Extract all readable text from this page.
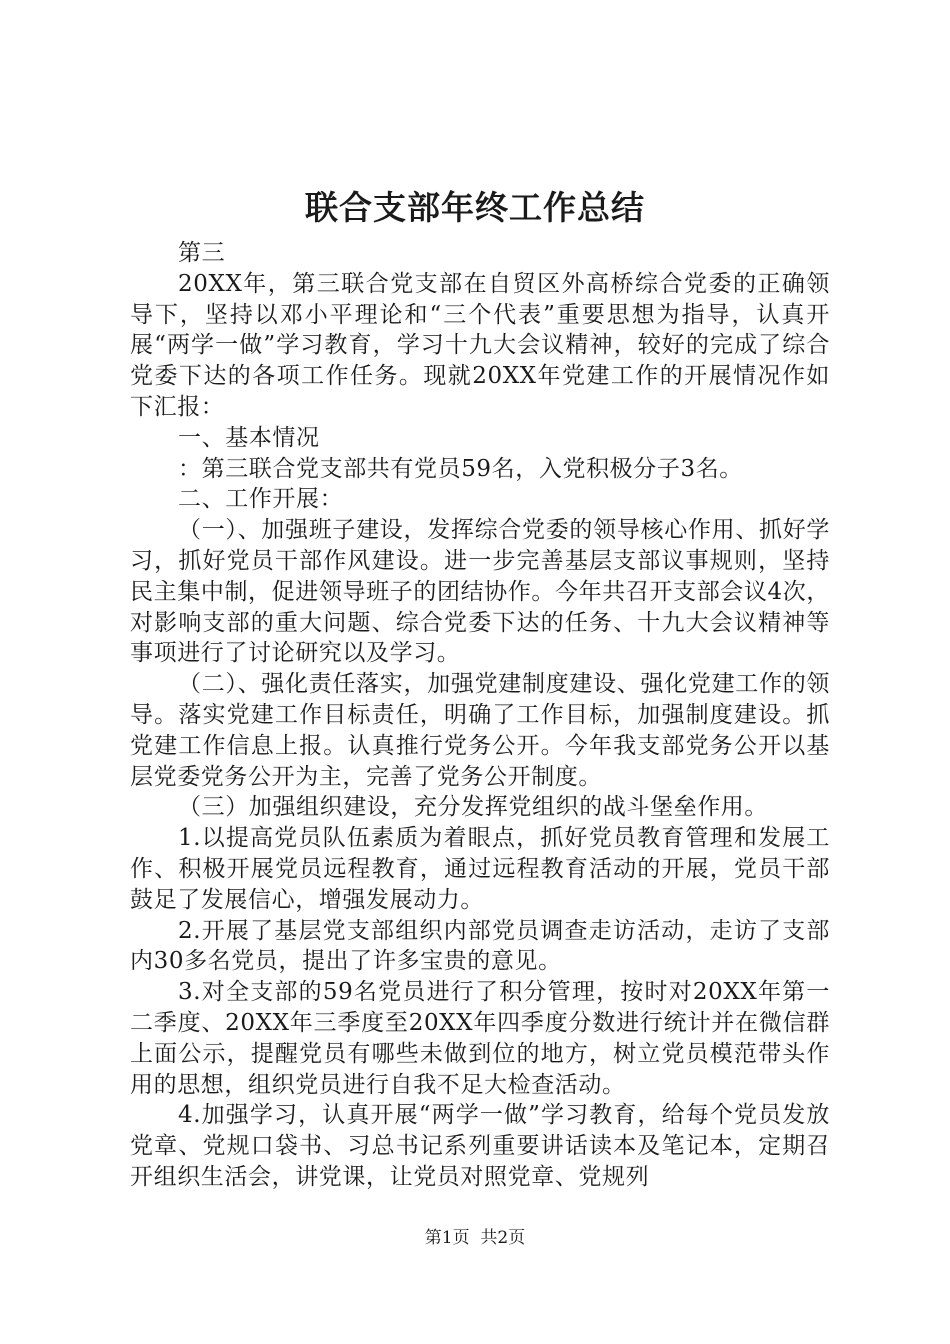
联合支部年终工作总结

第三

20XX年，第三联合党支部在自贸区外高桥综合党委的正确领导下，坚持以邓小平理论和“三个代表”重要思想为指导，认真开展“两学一做”学习教育，学习十九大会议精神，较好的完成了综合党委下达的各项工作任务。现就20XX年党建工作的开展情况作如下汇报：

一、基本情况

：第三联合党支部共有党员59名，入党积极分子3名。

二、工作开展：

（一）、加强班子建设，发挥综合党委的领导核心作用、抓好学习，抓好党员干部作风建设。进一步完善基层支部议事规则，坚持民主集中制，促进领导班子的团结协作。今年共召开支部会议4次，对影响支部的重大问题、综合党委下达的任务、十九大会议精神等事项进行了讨论研究以及学习。

（二）、强化责任落实，加强党建制度建设、强化党建工作的领导。落实党建工作目标责任，明确了工作目标，加强制度建设。抓党建工作信息上报。认真推行党务公开。今年我支部党务公开以基层党委党务公开为主，完善了党务公开制度。

（三）加强组织建设，充分发挥党组织的战斗堡垒作用。

1.以提高党员队伍素质为着眼点，抓好党员教育管理和发展工作、积极开展党员远程教育，通过远程教育活动的开展，党员干部鼓足了发展信心，增强发展动力。

2.开展了基层党支部组织内部党员调查走访活动，走访了支部内30多名党员，提出了许多宝贵的意见。

3.对全支部的59名党员进行了积分管理，按时对20XX年第一二季度、20XX年三季度至20XX年四季度分数进行统计并在微信群上面公示，提醒党员有哪些未做到位的地方，树立党员模范带头作用的思想，组织党员进行自我不足大检查活动。

4.加强学习，认真开展“两学一做”学习教育，给每个党员发放党章、党规口袋书、习总书记系列重要讲话读本及笔记本，定期召开组织生活会，讲党课，让党员对照党章、党规列

第1页 共2页
